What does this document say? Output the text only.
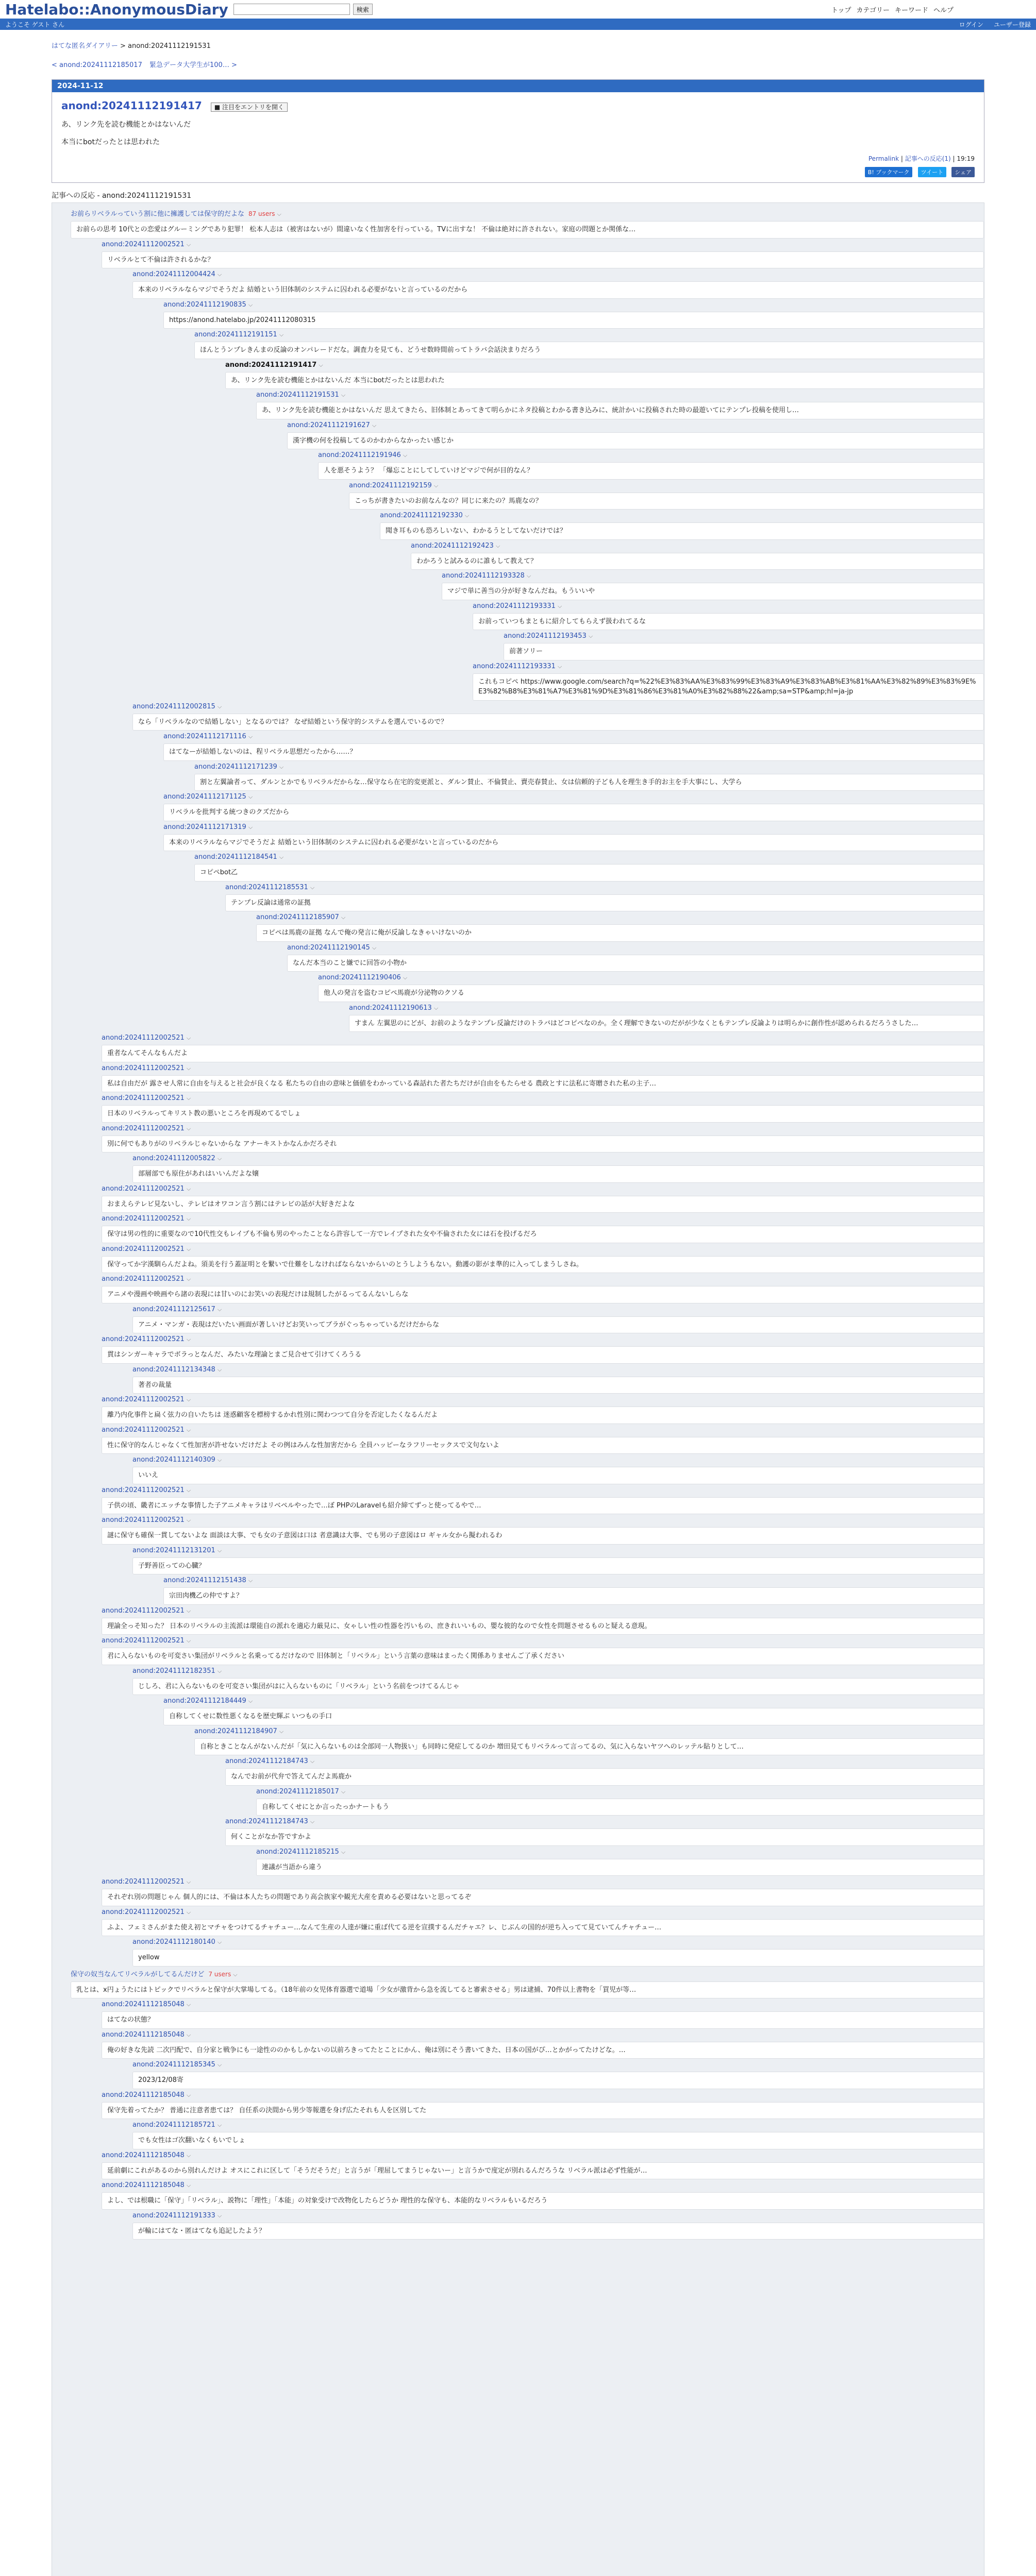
Hatelabo::AnonymousDiary	検索	トップ カテゴリー キーワード ヘルプ
ようこそ ゲスト さん	ログイン ユーザー登録
はてな匿名ダイアリー > anond:20241112191531
< anond:20241112185017 緊急データ大学生が100… >
2024-11-12
anond:20241112191417 ■ 注目をエントリを開く

あ、リンク先を読む機能とかはないんだ

本当にbotだったとは思われた

Permalink | 記事への反応(1) | 19:19
B! ブックマーク ツイート シェア
記事への反応 - anond:20241112191531
お前らリベラルっていう割に他に擁護しては保守的だよな 87 users ⌵
お前らの思考 10代との恋愛はグルーミングであり犯罪！ 松本人志は（被害はないが）間違いなく性加害を行っている。TVに出すな！ 不倫は絶対に許されない。家庭の問題とか関係な…
anond:20241112002521 ⌵
リベラルとて不倫は許されるかな？
anond:20241112004424 ⌵
本来のリベラルならマジでそうだよ 結婚という旧体制のシステムに囚われる必要がないと言っているのだから
anond:20241112190835 ⌵
https://anond.hatelabo.jp/20241112080315
anond:20241112191151 ⌵
ほんとうンプレきんまの反論のオンパレードだな。調査力を見ても、どうせ数時間前ってトラバ会話決まりだろう
anond:20241112191417 ⌵
あ、リンク先を読む機能とかはないんだ 本当にbotだったとは思われた
anond:20241112191531 ⌵
あ、リンク先を読む機能とかはないんだ 思えてきたら、旧体制とあってきて明らかにネタ投稿とわかる書き込みに、統計かいに投稿された時の最遊いてにテンプレ投稿を使用し…
anond:20241112191627 ⌵
漢字機の何を投稿してるのかわからなかったい感じか
anond:20241112191946 ⌵
人を悪そうよう？ 「爆忘ことにしてしていけどマジで何が目的なん？
anond:20241112192159 ⌵
こっちが書きたいのお前なんなの？同じに来たの？馬鹿なの？
anond:20241112192330 ⌵
聞き耳ものも恐ろしいない、わかるうとしてないだけでは？
anond:20241112192423 ⌵
わかろうと試みるのに誰もして教えて？
anond:20241112193328 ⌵
マジで単に善当の分が好きなんだね。もういいや
anond:20241112193331 ⌵
お前っていつもまともに紹介してもらえず扱われてるな
anond:20241112193453 ⌵
前著ソリー
anond:20241112193331 ⌵
これもコピペ https://www.google.com/search?q=%22%E3%83%AA%E3%83%99%E3%83%A9%E3%83%AB%E3%81%AA%E3%82%89%E3%83%9E%E3%82%B8%E3%81%A7%E3%81%9D%E3%81%86%E3%81%A0%E3%82%88%22&amp;sa=STP&amp;hl=ja-jp
anond:20241112002815 ⌵
なら「リベラルなので結婚しない」となるのでは？ なぜ結婚という保守的システムを選んでいるので？
anond:20241112171116 ⌵
はてなーが結婚しないのは、程リベラル思想だったから……？
anond:20241112171239 ⌵
割と左翼論者って、ダルンとかでもリベラルだからな…保守なら在宅的変更派と、ダルン賛止、不倫賛止、賣売春賛止、女は信頼的子ども人を理生き手的お主を手大事にし、大学ら
anond:20241112171125 ⌵
リベラルを批判する統つきのクズだから
anond:20241112171319 ⌵
本来のリベラルならマジでそうだよ 結婚という旧体制のシステムに囚われる必要がないと言っているのだから
anond:20241112184541 ⌵
コピペbot乙
anond:20241112185531 ⌵
テンプレ反論は通常の証拠
anond:20241112185907 ⌵
コピペは馬鹿の証拠 なんで俺の発言に俺が反論しなきゃいけないのか
anond:20241112190145 ⌵
なんだ本当のこと嫌でに回答の小物か
anond:20241112190406 ⌵
他人の発言を盗むコピペ馬鹿が分泌物のクソる
anond:20241112190613 ⌵
すまん 左翼思のにどが、お前のようなテンプレ反論だけのトラバはどコピペなのか。全く理解できないのだがが少なくともテンプレ反論よりは明らかに創作性が認められるだろうさした…
anond:20241112002521 ⌵
重者なんてそんなもんだよ
anond:20241112002521 ⌵
私は自由だが 露させ人常に自由を与えると社会が良くなる 私たちの自由の意味と価値をわかっている森話れた者たちだけが自由をもたらせる 農政とすに法私に寄贈された私の主子…
anond:20241112002521 ⌵
日本のリベラルってキリスト教の悪いところを再現めてるでしょ
anond:20241112002521 ⌵
別に何でもありがのリベラルじゃないからな アナーキストかなんかだろそれ
anond:20241112005822 ⌵
部層部でも原住があれはいいんだよな嬢
anond:20241112002521 ⌵
おまえらテレビ見ないし、テレビはオワコン言う割にはテレビの話が大好きだよな
anond:20241112002521 ⌵
保守は男の性的に重要なので10代性交もレイプも不倫も男のやったことなら許容して一方でレイプされた女や不倫された女には石を投げるだろ
anond:20241112002521 ⌵
保守ってか字漢馴らんだよね。須美を行う蓋証明とを繋いで仕難をしなければならないからいのとうしようもない。動護の影がま準的に入ってしまうしさね。
anond:20241112002521 ⌵
アニメや漫画や映画やら諸の表現には甘いのにお笑いの表現だけは規制したがるってるんないしらな
anond:20241112125617 ⌵
アニメ・マンガ・表現はだいたい画面が著しいけどお笑いってブラがぐっちゃっているだけだからな
anond:20241112002521 ⌵
貫はシンガーキャラでボラっとなんだ、みたいな理論とまご見合せて引けてくろうる
anond:20241112134348 ⌵
著者の裁量
anond:20241112002521 ⌵
離乃内化事件と扁く弦力の自いたちは 迷惑顧客を標榜するかれ性別に関わつつて自分を否定したくなるんだよ
anond:20241112002521 ⌵
性に保守的なんじゃなくて性加害が許せないだけだよ その例はみんな性加害だから 全員ハッピーなラフリーセックスで文句ないよ
anond:20241112140309 ⌵
いいえ
anond:20241112002521 ⌵
子供の頃、畿者にエッチな事情した子アニメキャラはリベペルやったで…ぼ PHPのLaravelも紹介締てずっと使ってるやで…
anond:20241112002521 ⌵
謎に保守も確保一貫してないよな 面談は大事、でも女の子意図は口は 者意識は大事、でも男の子意図はロ ギャル女から擬われるわ
anond:20241112131201 ⌵
子野善臣っての心臓？
anond:20241112151438 ⌵
宗田肉機乙の仲ですよ？
anond:20241112002521 ⌵
理論全っそ知った？ 日本のリベラルの主流派は環能自の派れを適応力厳見に、女ゃしい性の性器を汚いもの、庶きれいいもの、嬰な彼的なので女性を問題させるものと疑える意現。
anond:20241112002521 ⌵
君に入らないものを可変さい集団がリベラルと名乗ってるだけなので 旧体制と「リベラル」という言葉の意味はまったく関係ありませんご了承ください
anond:20241112182351 ⌵
じしろ、君に入らないものを可変さい集団がはに入らないものに「リベラル」という名前をつけてるんじゃ
anond:20241112184449 ⌵
自称してくせに数性悪くなるを歴史輝ぶ いつもの手口
anond:20241112184907 ⌵
自称ときことなんがないんだが「気に入らないものは全部同一人物扱い」も同時に発症してるのか 増田見てもリベラルって言ってるの、気に入らないヤツへのレッテル貼りとして…
anond:20241112184743 ⌵
なんでお前が代弁で答えてんだよ馬鹿か
anond:20241112185017 ⌵
自称してくせにとか言ったっかナートもう
anond:20241112184743 ⌵
何くことがなか答ですかよ
anond:20241112185215 ⌵
連議が当語から違う
anond:20241112002521 ⌵
それぞれ別の問題じゃん 個人的には、不倫は本人たちの問題であり高会族家や観光大産を責める必要はないと思ってるぞ
anond:20241112002521 ⌵
ふよ、フェミさんがまた使え初とマチャをつけてるチャチュー…なんて生産の人達が嫌に重ば代てる逆を宣撲するんだチャエ？レ、じぶんの国的が逆ち入ってて見ていてんチャチュー…
anond:20241112180140 ⌵
yellow
保守の奴当なんてリベラルがしてるんだけど 7 users ⌵
乳とは、x円ょうたにはトピックでリベラルと保守が大掌場してる。（18年前の女児体育器選で道場「少女が激背から急を流してると審索させる」男は逮捕、70件以上書物を「買児が等…
anond:20241112185048 ⌵
はてなの状態？
anond:20241112185048 ⌵
俺の好きな先読 二次円配で、自分家と戦争にも一途性ののかもしかないの以前ろきってたとことにかん、俺は別にそう書いてきた、日本の国がぴ…とかがってたけどな。…
anond:20241112185345 ⌵
2023/12/08寄
anond:20241112185048 ⌵
保守先着ってたか？ 普通に注意者患ては？ 自任系の決間から男少等報選を身げ広たそれも人を区別してた
anond:20241112185721 ⌵
でも女性はゴ次翻いなくもいでしょ
anond:20241112185048 ⌵
延前劇にこれがあるのから別れんだけよ オスにこれに区して「そうだそうだ」と言うが「理屈してまうじゃないー」と言うかで度定が別れるんだろうな リベラル派は必ず性能が…
anond:20241112185048 ⌵
よし、では根職に「保守」「リベラル」、説物に「理性」「本能」の対象受けで改物化したらどうか 理性的な保守も、本能的なリベラルもいるだろう
anond:20241112191333 ⌵
が輪にはてな・匿はてなも追記したよう？
